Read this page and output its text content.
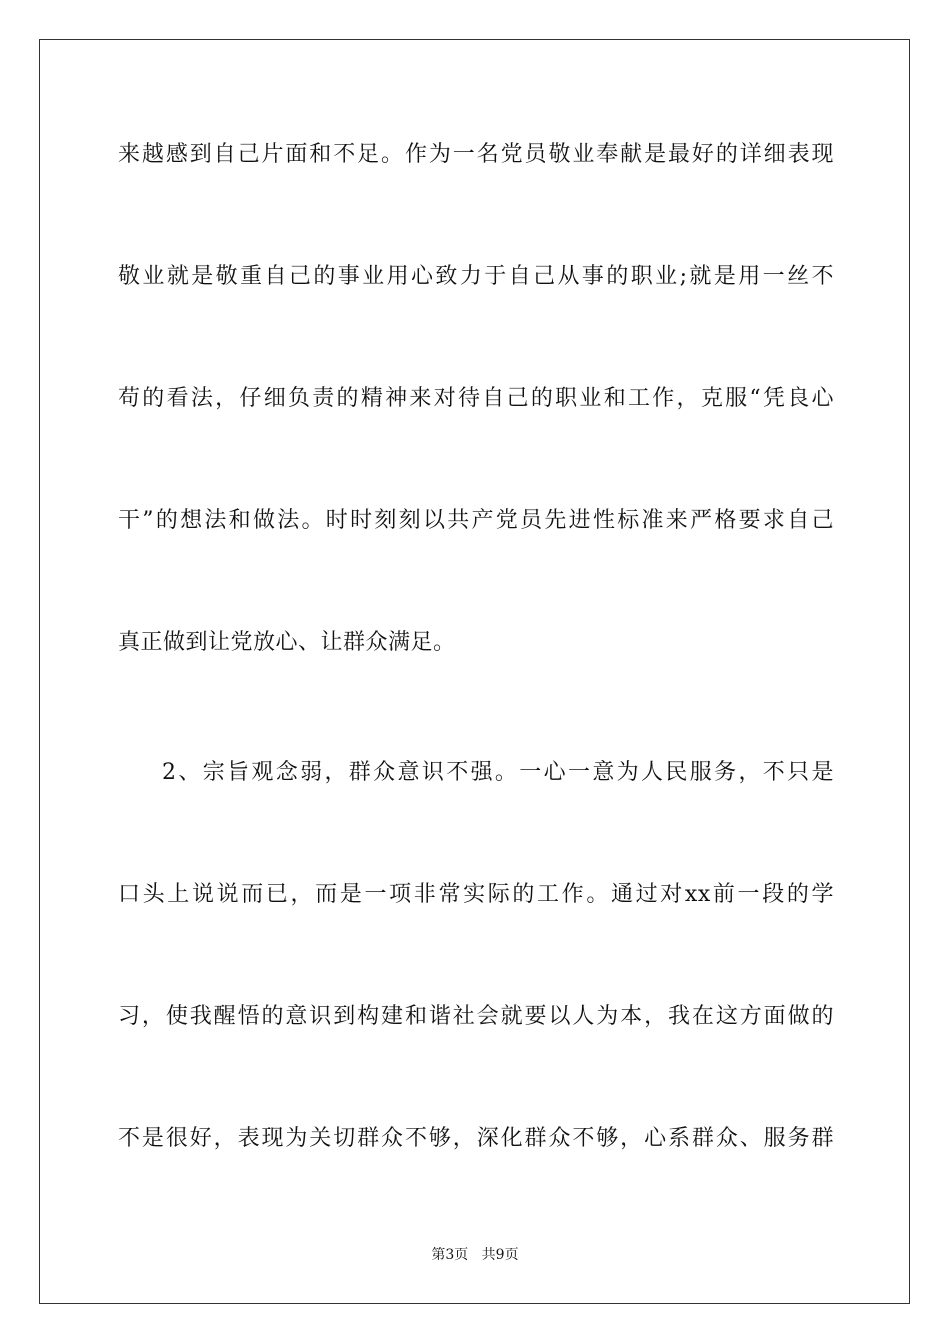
来越感到自己片面和不足。作为一名党员敬业奉献是最好的详细表现
敬业就是敬重自己的事业用心致力于自己从事的职业;就是用一丝不
苟的看法，仔细负责的精神来对待自己的职业和工作，克服“凭良心
干”的想法和做法。时时刻刻以共产党员先进性标准来严格要求自己
真正做到让党放心、让群众满足。
2、宗旨观念弱，群众意识不强。一心一意为人民服务，不只是
口头上说说而已，而是一项非常实际的工作。通过对xx前一段的学
习，使我醒悟的意识到构建和谐社会就要以人为本，我在这方面做的
不是很好，表现为关切群众不够，深化群众不够，心系群众、服务群
第3页 共9页
